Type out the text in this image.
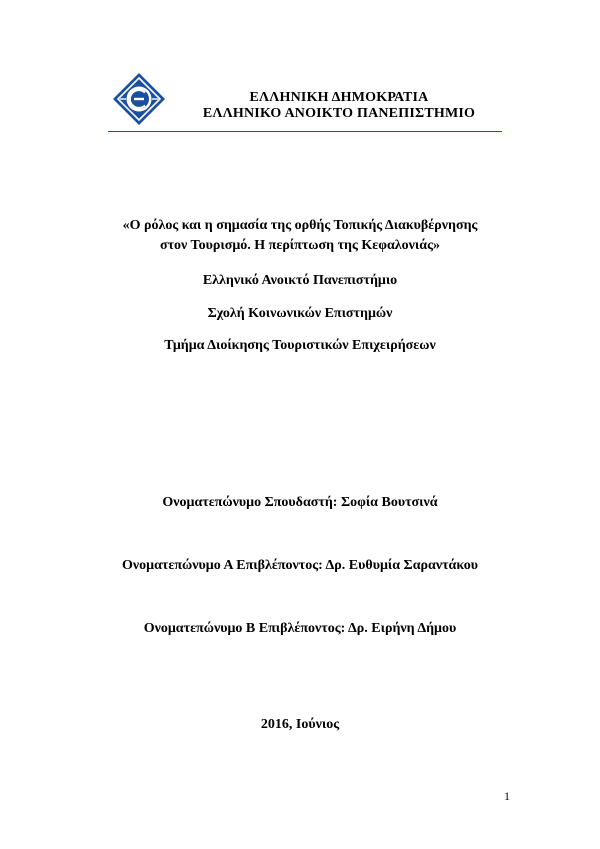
ΕΛΛΗΝΙΚΗ ΔΗΜΟΚΡΑΤΙΑ
ΕΛΛΗΝΙΚΟ ΑΝΟΙΚΤΟ ΠΑΝΕΠΙΣΤΗΜΙΟ
«Ο ρόλος και η σημασία της ορθής Τοπικής Διακυβέρνησης
στον Τουρισμό. Η περίπτωση της Κεφαλονιάς»
Ελληνικό Ανοικτό Πανεπιστήμιο
Σχολή Κοινωνικών Επιστημών
Τμήμα Διοίκησης Τουριστικών Επιχειρήσεων
Ονοματεπώνυμο Σπουδαστή: Σοφία Βουτσινά
Ονοματεπώνυμο Α Επιβλέποντος: Δρ. Ευθυμία Σαραντάκου
Ονοματεπώνυμο Β Επιβλέποντος: Δρ. Ειρήνη Δήμου
2016, Ιούνιος
1
